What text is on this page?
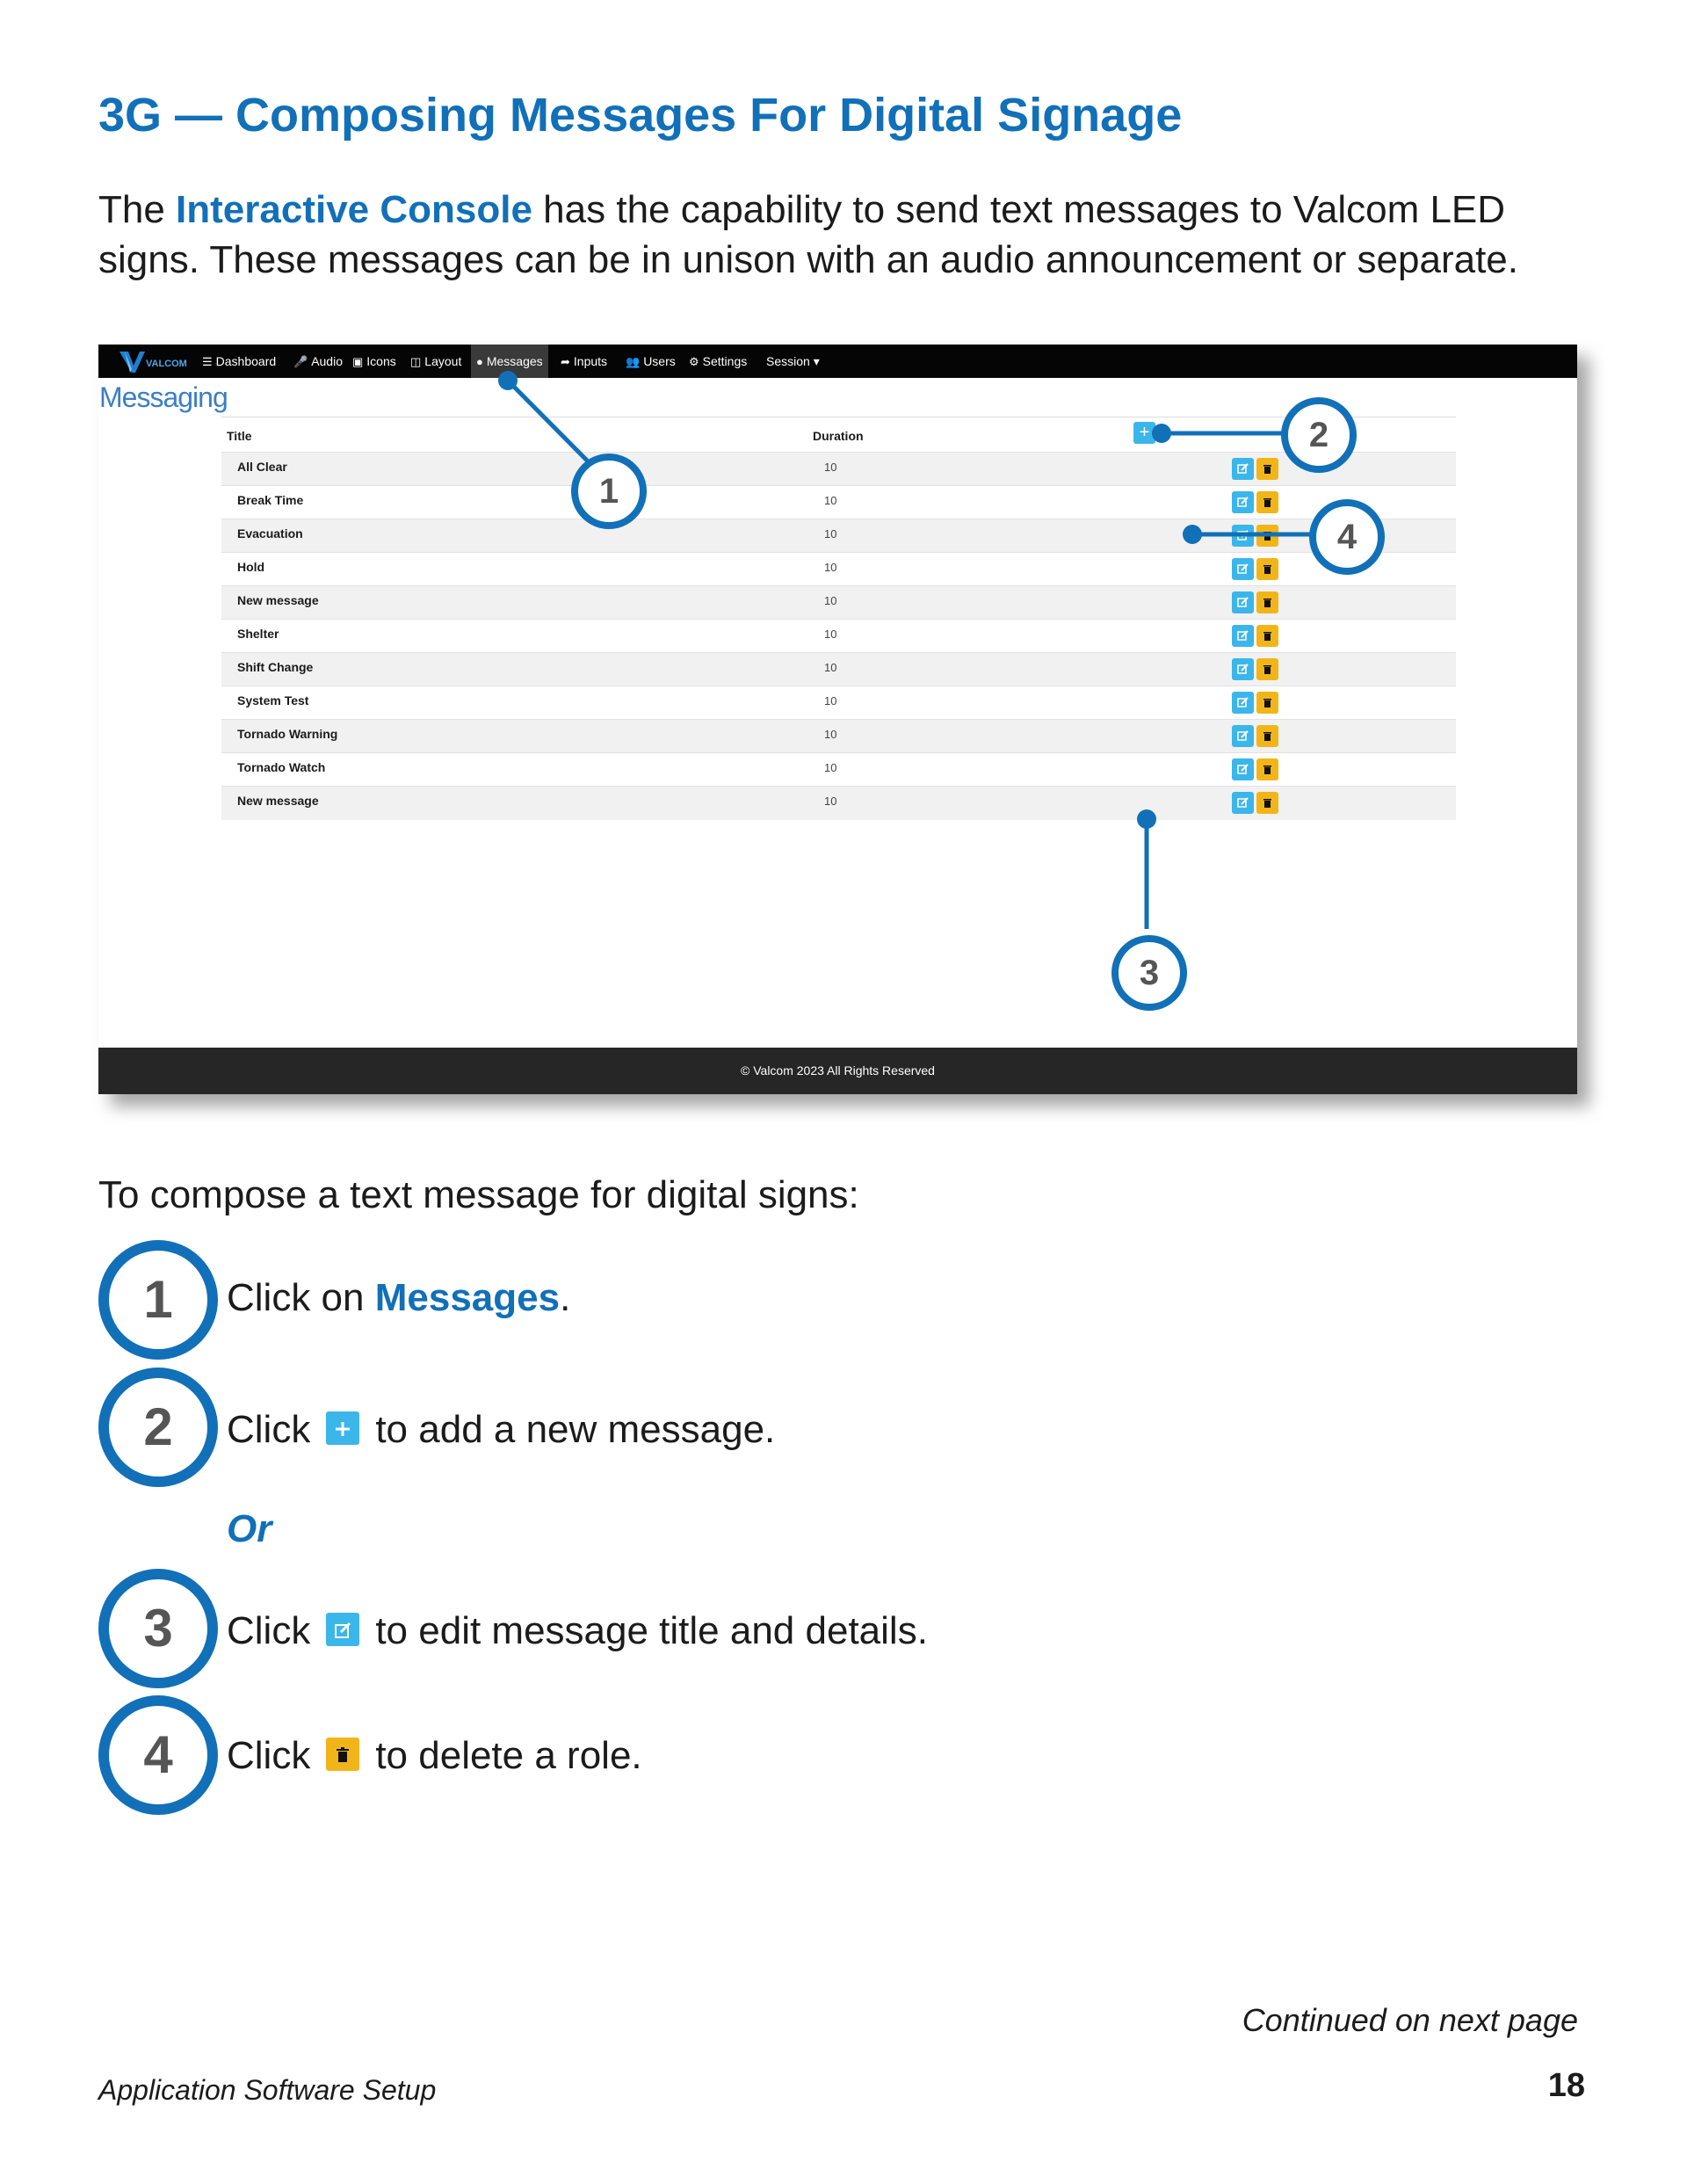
3G — Composing Messages For Digital Signage

The Interactive Console has the capability to send text messages to Valcom LED signs. These messages can be in unison with an audio announcement or separate.

VALCOM ☰ Dashboard 🎤 Audio ▣ Icons ◫ Layout	● Messages	➦ Inputs 👥 Users ⚙ Settings Session ▾
Messaging
Title	Duration	+
All Clear	10
Break Time	10
Evacuation	10
Hold	10
New message	10
Shelter	10
Shift Change	10
System Test	10
Tornado Warning	10
Tornado Watch	10
New message	10
© Valcom 2023 All Rights Reserved
1
2
3
4

To compose a text message for digital signs:

1	Click on Messages.
2	Click to add a new message.
Or
3	Click to edit message title and details.
4	Click to delete a role.
Continued on next page
Application Software Setup	18
